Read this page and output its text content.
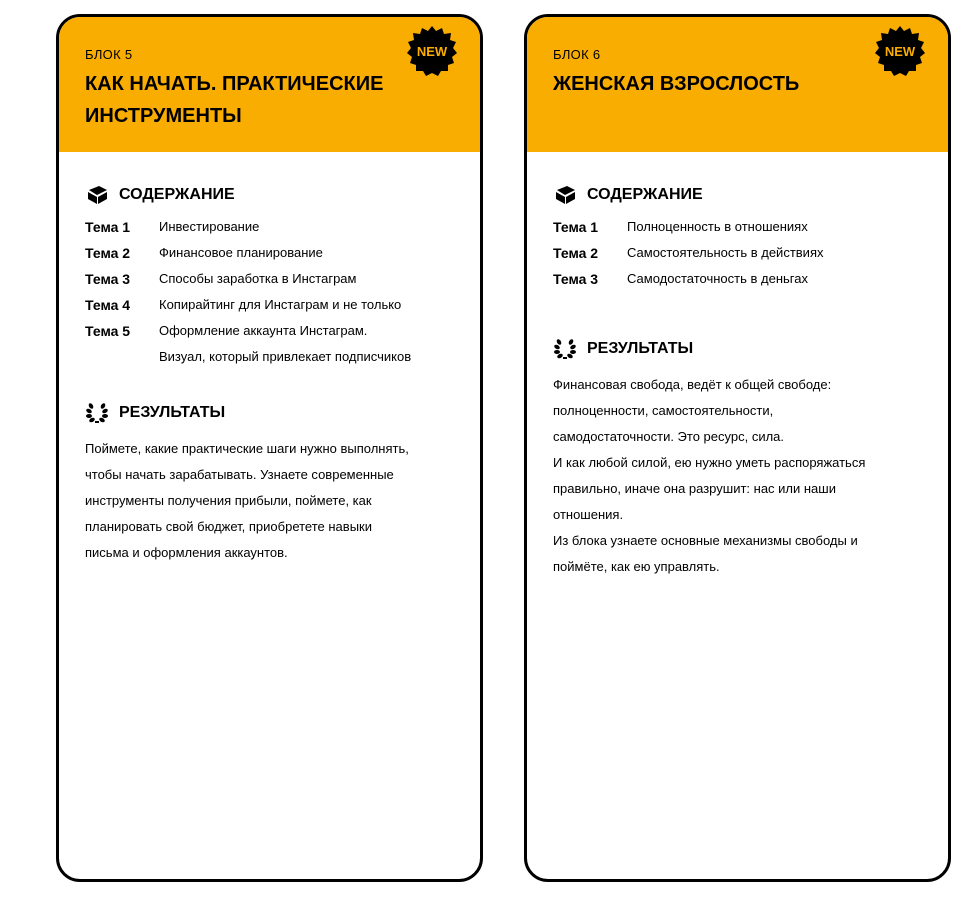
БЛОК 5
КАК НАЧАТЬ. ПРАКТИЧЕСКИЕ
ИНСТРУМЕНТЫ
NEW
СОДЕРЖАНИЕ
Тема 1	Инвестирование
Тема 2	Финансовое планирование
Тема 3	Способы заработка в Инстаграм
Тема 4	Копирайтинг для Инстаграм и не только
Тема 5	Оформление аккаунта Инстаграм.
Визуал, который привлекает подписчиков
РЕЗУЛЬТАТЫ
Поймете, какие практические шаги нужно выполнять,
чтобы начать зарабатывать. Узнаете современные
инструменты получения прибыли, поймете, как
планировать свой бюджет, приобретете навыки
письма и оформления аккаунтов.
БЛОК 6
ЖЕНСКАЯ ВЗРОСЛОСТЬ
NEW
СОДЕРЖАНИЕ
Тема 1	Полноценность в отношениях
Тема 2	Самостоятельность в действиях
Тема 3	Самодостаточность в деньгах
РЕЗУЛЬТАТЫ
Финансовая свобода, ведёт к общей свободе:
полноценности, самостоятельности,
самодостаточности. Это ресурс, сила.
И как любой силой, ею нужно уметь распоряжаться
правильно, иначе она разрушит: нас или наши
отношения.
Из блока узнаете основные механизмы свободы и
поймёте, как ею управлять.
